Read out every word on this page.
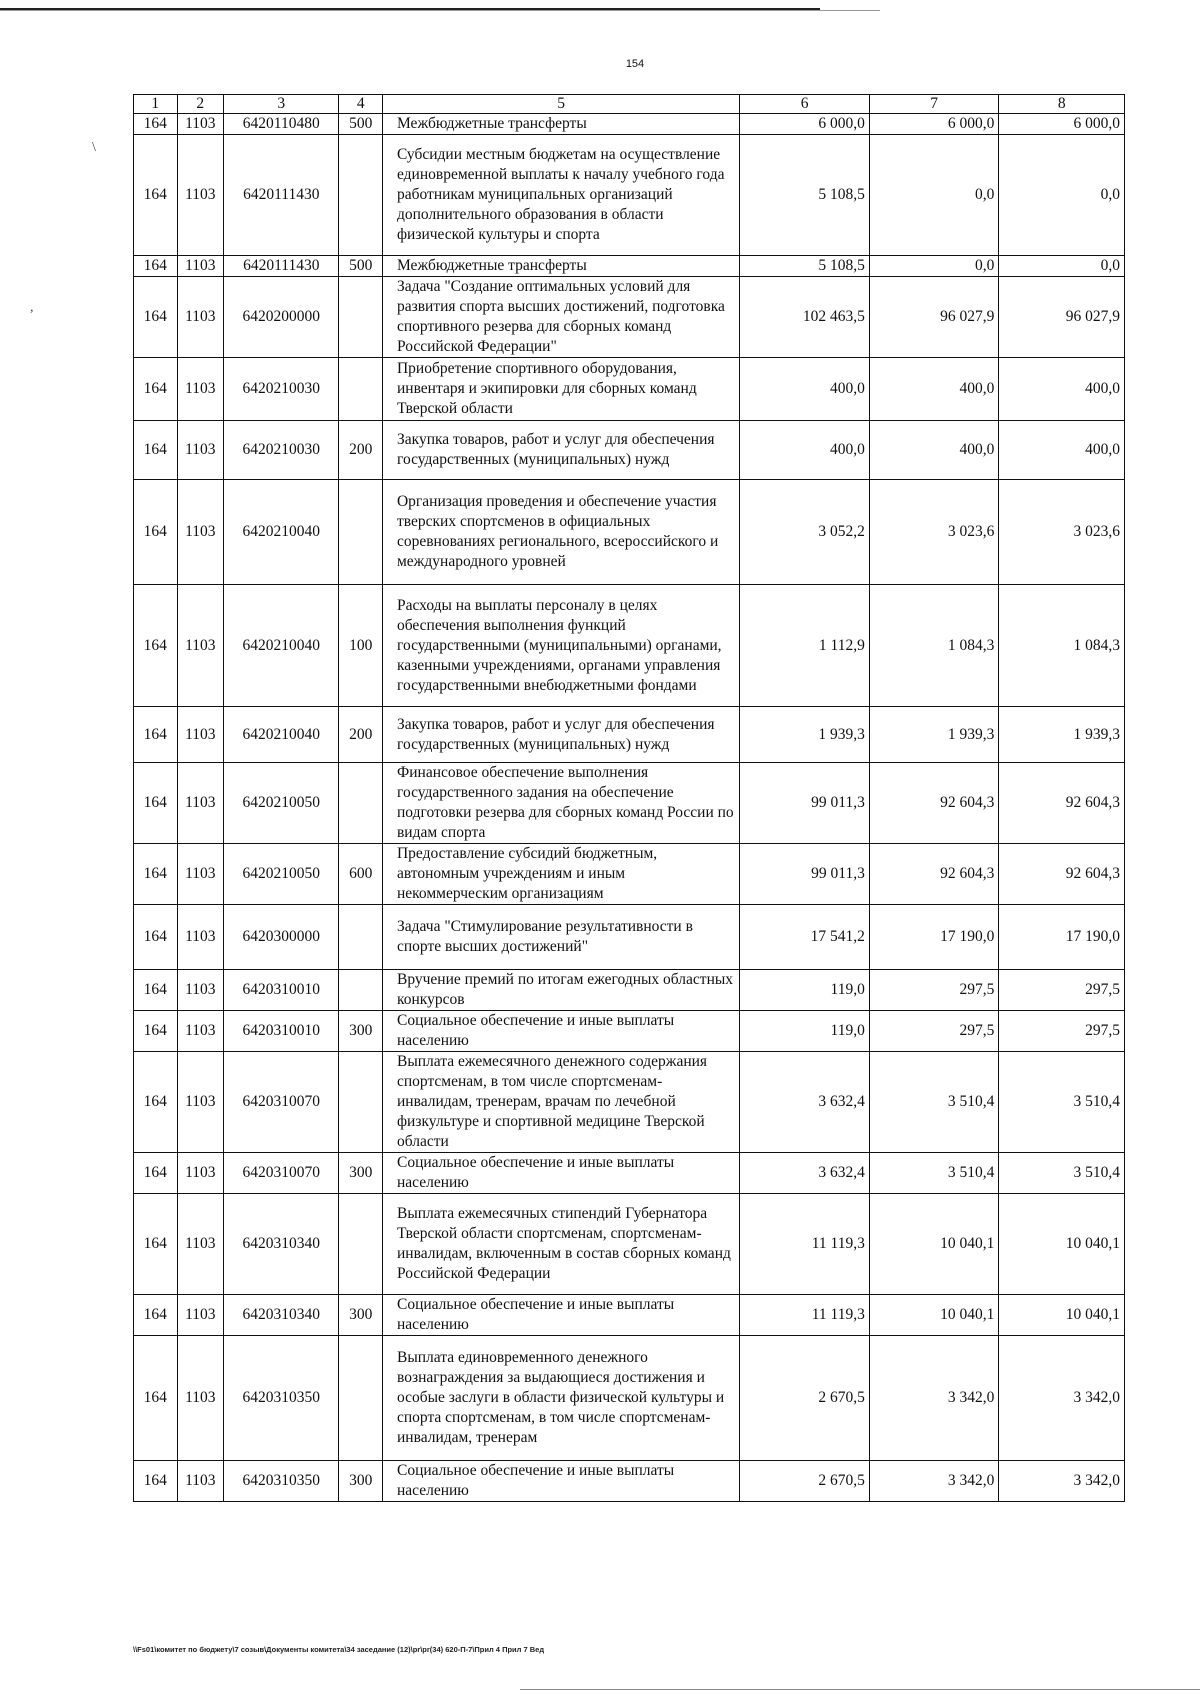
154
\
,
1	2	3	4	5	6	7	8
164	1103	6420110480	500	Межбюджетные трансферты	6 000,0	6 000,0	6 000,0
164	1103	6420111430		Субсидии местным бюджетам на осуществление единовременной выплаты к началу учебного года работникам муниципальных организаций дополнительного образования в области физической культуры и спорта	5 108,5	0,0	0,0
164	1103	6420111430	500	Межбюджетные трансферты	5 108,5	0,0	0,0
164	1103	6420200000		Задача "Создание оптимальных условий для развития спорта высших достижений, подготовка спортивного резерва для сборных команд Российской Федерации"	102 463,5	96 027,9	96 027,9
164	1103	6420210030		Приобретение спортивного оборудования, инвентаря и экипировки для сборных команд Тверской области	400,0	400,0	400,0
164	1103	6420210030	200	Закупка товаров, работ и услуг для обеспечения государственных (муниципальных) нужд	400,0	400,0	400,0
164	1103	6420210040		Организация проведения и обеспечение участия тверских спортсменов в официальных соревнованиях регионального, всероссийского и международного уровней	3 052,2	3 023,6	3 023,6
164	1103	6420210040	100	Расходы на выплаты персоналу в целях обеспечения выполнения функций государственными (муниципальными) органами, казенными учреждениями, органами управления государственными внебюджетными фондами	1 112,9	1 084,3	1 084,3
164	1103	6420210040	200	Закупка товаров, работ и услуг для обеспечения государственных (муниципальных) нужд	1 939,3	1 939,3	1 939,3
164	1103	6420210050		Финансовое обеспечение выполнения государственного задания на обеспечение подготовки резерва для сборных команд России по видам спорта	99 011,3	92 604,3	92 604,3
164	1103	6420210050	600	Предоставление субсидий бюджетным, автономным учреждениям и иным некоммерческим организациям	99 011,3	92 604,3	92 604,3
164	1103	6420300000		Задача "Стимулирование результативности в спорте высших достижений"	17 541,2	17 190,0	17 190,0
164	1103	6420310010		Вручение премий по итогам ежегодных областных конкурсов	119,0	297,5	297,5
164	1103	6420310010	300	Социальное обеспечение и иные выплаты населению	119,0	297,5	297,5
164	1103	6420310070		Выплата ежемесячного денежного содержания спортсменам, в том числе спортсменам-инвалидам, тренерам, врачам по лечебной физкультуре и спортивной медицине Тверской области	3 632,4	3 510,4	3 510,4
164	1103	6420310070	300	Социальное обеспечение и иные выплаты населению	3 632,4	3 510,4	3 510,4
164	1103	6420310340		Выплата ежемесячных стипендий Губернатора Тверской области спортсменам, спортсменам-инвалидам, включенным в состав сборных команд Российской Федерации	11 119,3	10 040,1	10 040,1
164	1103	6420310340	300	Социальное обеспечение и иные выплаты населению	11 119,3	10 040,1	10 040,1
164	1103	6420310350		Выплата единовременного денежного вознаграждения за выдающиеся достижения и особые заслуги в области физической культуры и спорта спортсменам, в том числе спортсменам-инвалидам, тренерам	2 670,5	3 342,0	3 342,0
164	1103	6420310350	300	Социальное обеспечение и иные выплаты населению	2 670,5	3 342,0	3 342,0
\\Fs01\комитет по бюджету\7 созыв\Документы комитета\34 заседание (12)\pr\pr(34) 620-П-7\Прил 4 Прил 7 Вед
